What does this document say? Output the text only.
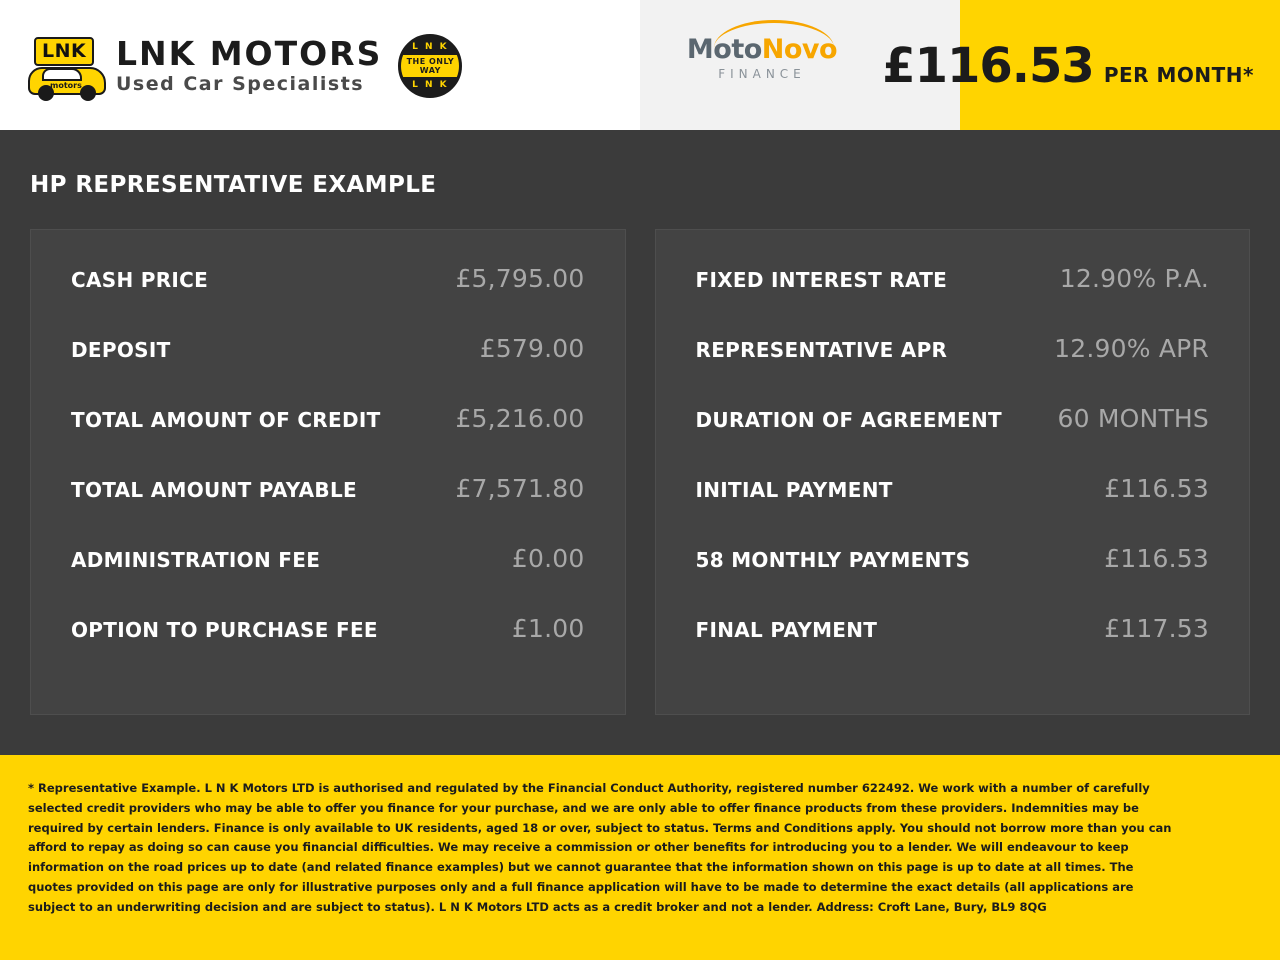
LNK
motors
LNK MOTORS
Used Car Specialists
L N K
THE ONLY WAY
L N K
MotoNovo
FINANCE	£116.53 PER MONTH*
HP REPRESENTATIVE EXAMPLE
CASH PRICE	£5,795.00
DEPOSIT	£579.00
TOTAL AMOUNT OF CREDIT	£5,216.00
TOTAL AMOUNT PAYABLE	£7,571.80
ADMINISTRATION FEE	£0.00
OPTION TO PURCHASE FEE	£1.00
FIXED INTEREST RATE	12.90% P.A.
REPRESENTATIVE APR	12.90% APR
DURATION OF AGREEMENT 60 MONTHS
INITIAL PAYMENT	£116.53
58 MONTHLY PAYMENTS	£116.53
FINAL PAYMENT	£117.53

* Representative Example. L N K Motors LTD is authorised and regulated by the Financial Conduct Authority, registered number 622492. We work with a number of carefully selected credit providers who may be able to offer you finance for your purchase, and we are only able to offer finance products from these providers. Indemnities may be required by certain lenders. Finance is only available to UK residents, aged 18 or over, subject to status. Terms and Conditions apply. You should not borrow more than you can afford to repay as doing so can cause you financial difficulties. We may receive a commission or other benefits for introducing you to a lender. We will endeavour to keep information on the road prices up to date (and related finance examples) but we cannot guarantee that the information shown on this page is up to date at all times. The quotes provided on this page are only for illustrative purposes only and a full finance application will have to be made to determine the exact details (all applications are subject to an underwriting decision and are subject to status). L N K Motors LTD acts as a credit broker and not a lender. Address: Croft Lane, Bury, BL9 8QG
